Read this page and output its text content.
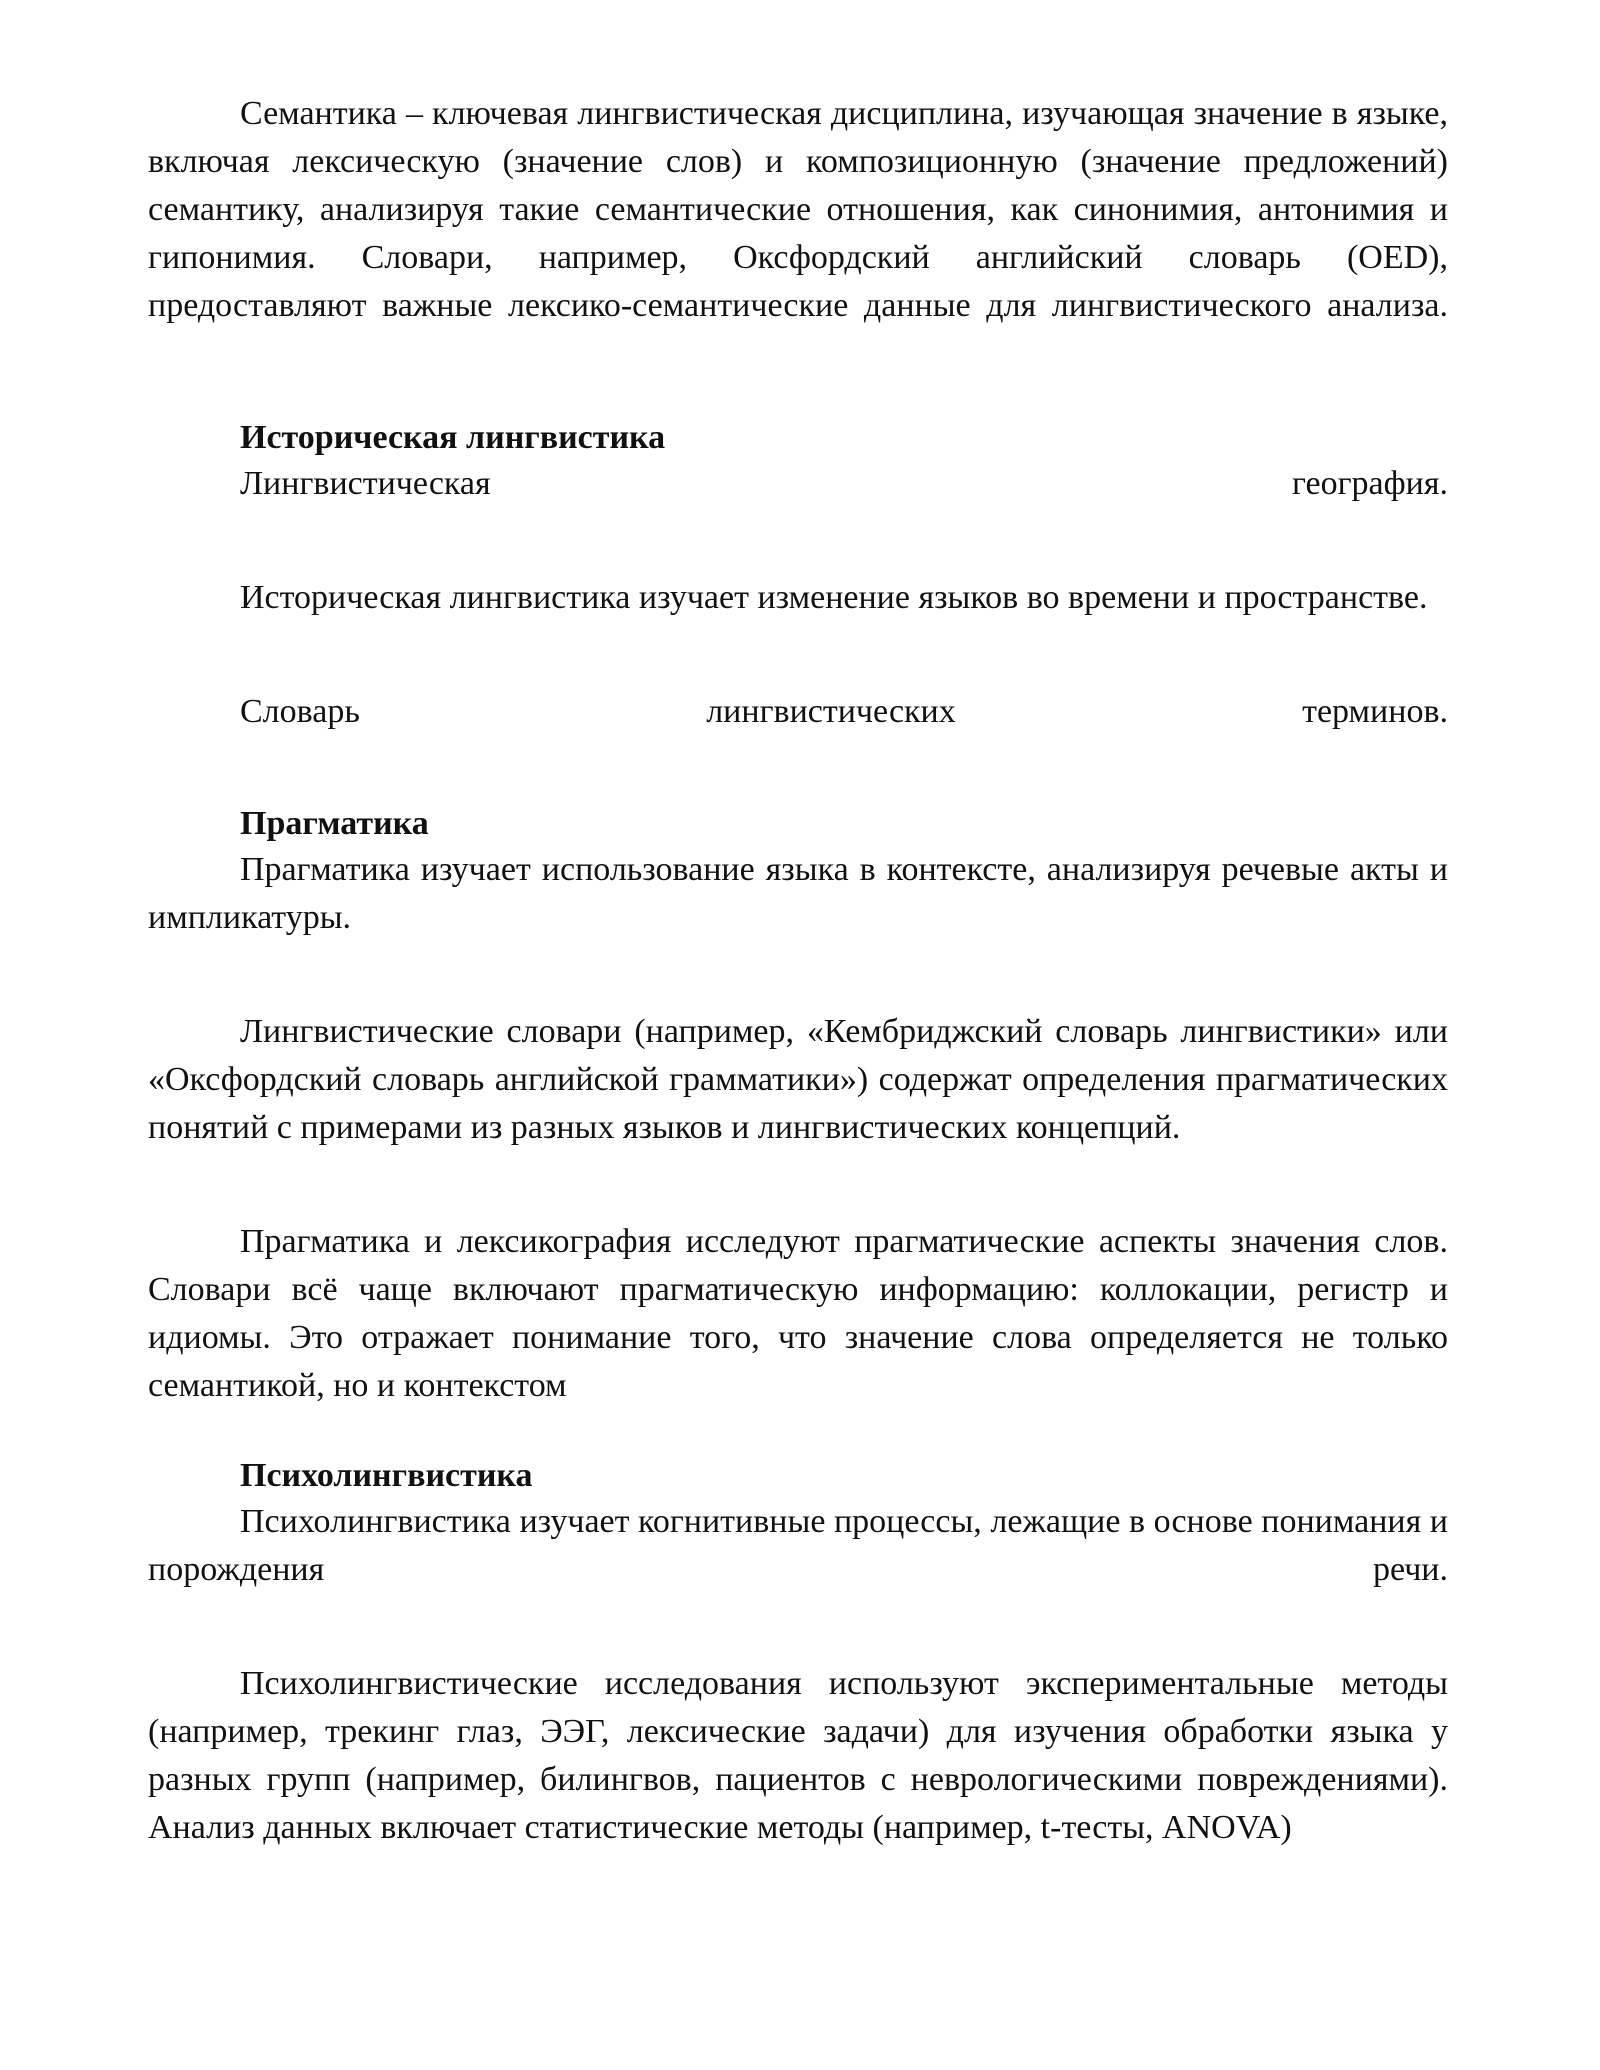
Семантика – ключевая лингвистическая дисциплина, изучающая значение в языке, включая лексическую (значение слов) и композиционную (значение предложений) семантику, анализируя такие семантические отношения, как синонимия, антонимия и гипонимия. Словари, например, Оксфордский английский словарь (OED), предоставляют важные лексико-семантические данные для лингвистического анализа.

Историческая лингвистика

Лингвистическая география.

Историческая лингвистика изучает изменение языков во времени и пространстве.

Словарь лингвистических терминов.

Прагматика

Прагматика изучает использование языка в контексте, анализируя речевые акты и импликатуры.

Лингвистические словари (например, «Кембриджский словарь лингвистики» или «Оксфордский словарь английской грамматики») содержат определения прагматических понятий с примерами из разных языков и лингвистических концепций.

Прагматика и лексикография исследуют прагматические аспекты значения слов. Словари всё чаще включают прагматическую информацию: коллокации, регистр и идиомы. Это отражает понимание того, что значение слова определяется не только семантикой, но и контекстом

Психолингвистика

Психолингвистика изучает когнитивные процессы, лежащие в основе понимания и порождения речи.

Психолингвистические исследования используют экспериментальные методы (например, трекинг глаз, ЭЭГ, лексические задачи) для изучения обработки языка у разных групп (например, билингвов, пациентов с неврологическими повреждениями). Анализ данных включает статистические методы (например, t-тесты, ANOVA)
